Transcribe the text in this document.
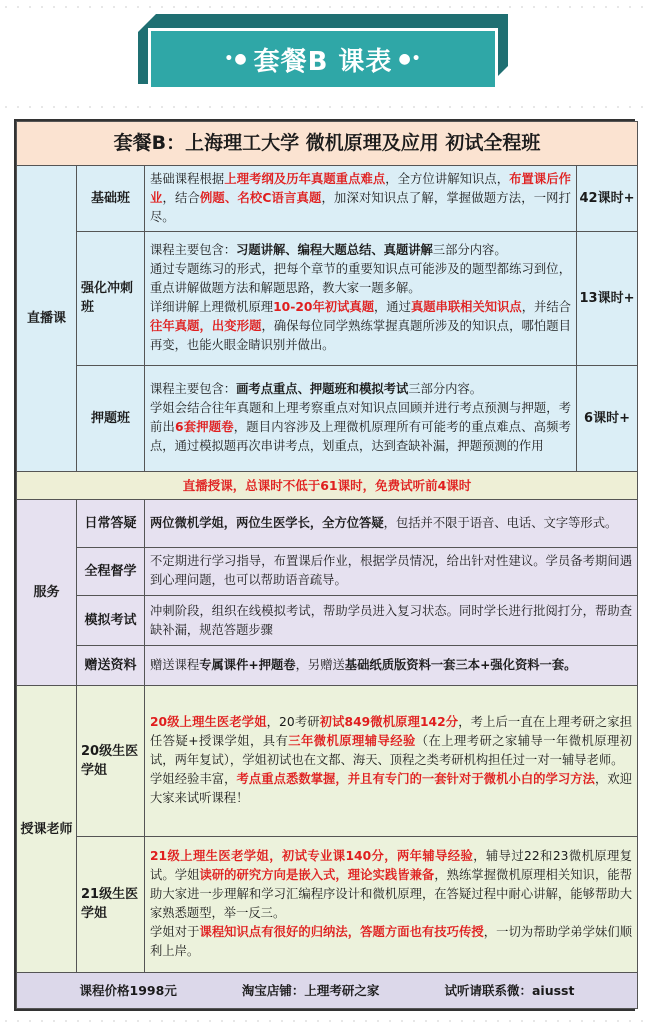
•● 套餐B 课表 ●•
套餐B：上海理工大学 微机原理及应用 初试全程班			
直播课	基础班	基础课程根据上理考纲及历年真题重点难点，全方位讲解知识点，布置课后作业，结合例题、名校C语言真题，加深对知识点了解，掌握做题方法，一网打尽。	42课时+
	强化冲刺班	课程主要包含：习题讲解、编程大题总结、真题讲解三部分内容。
通过专题练习的形式，把每个章节的重要知识点可能涉及的题型都练习到位，重点讲解做题方法和解题思路，教大家一题多解。
详细讲解上理微机原理10-20年初试真题，通过真题串联相关知识点，并结合往年真题，出变形题，确保每位同学熟练掌握真题所涉及的知识点，哪怕题目再变，也能火眼金睛识别并做出。	13课时+
	押题班	课程主要包含：画考点重点、押题班和模拟考试三部分内容。
学姐会结合往年真题和上理考察重点对知识点回顾并进行考点预测与押题，考前出6套押题卷，题目内容涉及上理微机原理所有可能考的重点难点、高频考点，通过模拟题再次串讲考点，划重点，达到查缺补漏，押题预测的作用	6课时+
直播授课，总课时不低于61课时，免费试听前4课时			
服务	日常答疑	两位微机学姐，两位生医学长，全方位答疑，包括并不限于语音、电话、文字等形式。	
	全程督学	不定期进行学习指导，布置课后作业，根据学员情况，给出针对性建议。学员备考期间遇到心理问题，也可以帮助语音疏导。	
	模拟考试	冲刺阶段，组织在线模拟考试，帮助学员进入复习状态。同时学长进行批阅打分，帮助查缺补漏，规范答题步骤	
	赠送资料	赠送课程专属课件+押题卷，另赠送基础纸质版资料一套三本+强化资料一套。	
授课老师	20级生医学姐	20级上理生医老学姐，20考研初试849微机原理142分，考上后一直在上理考研之家担任答疑+授课学姐，具有三年微机原理辅导经验（在上理考研之家辅导一年微机原理初试，两年复试），学姐初试也在文都、海天、顶程之类考研机构担任过一对一辅导老师。
学姐经验丰富，考点重点悉数掌握，并且有专门的一套针对于微机小白的学习方法，欢迎大家来试听课程！	
	21级生医学姐	21级上理生医老学姐，初试专业课140分，两年辅导经验，辅导过22和23微机原理复试。学姐读研的研究方向是嵌入式，理论实践皆兼备，熟练掌握微机原理相关知识，能帮助大家进一步理解和学习汇编程序设计和微机原理，在答疑过程中耐心讲解，能够帮助大家熟悉题型，举一反三。
学姐对于课程知识点有很好的归纳法，答题方面也有技巧传授，一切为帮助学弟学妹们顺利上岸。	

课程价格1998元 淘宝店铺：上理考研之家 试听请联系微：aiusst			
